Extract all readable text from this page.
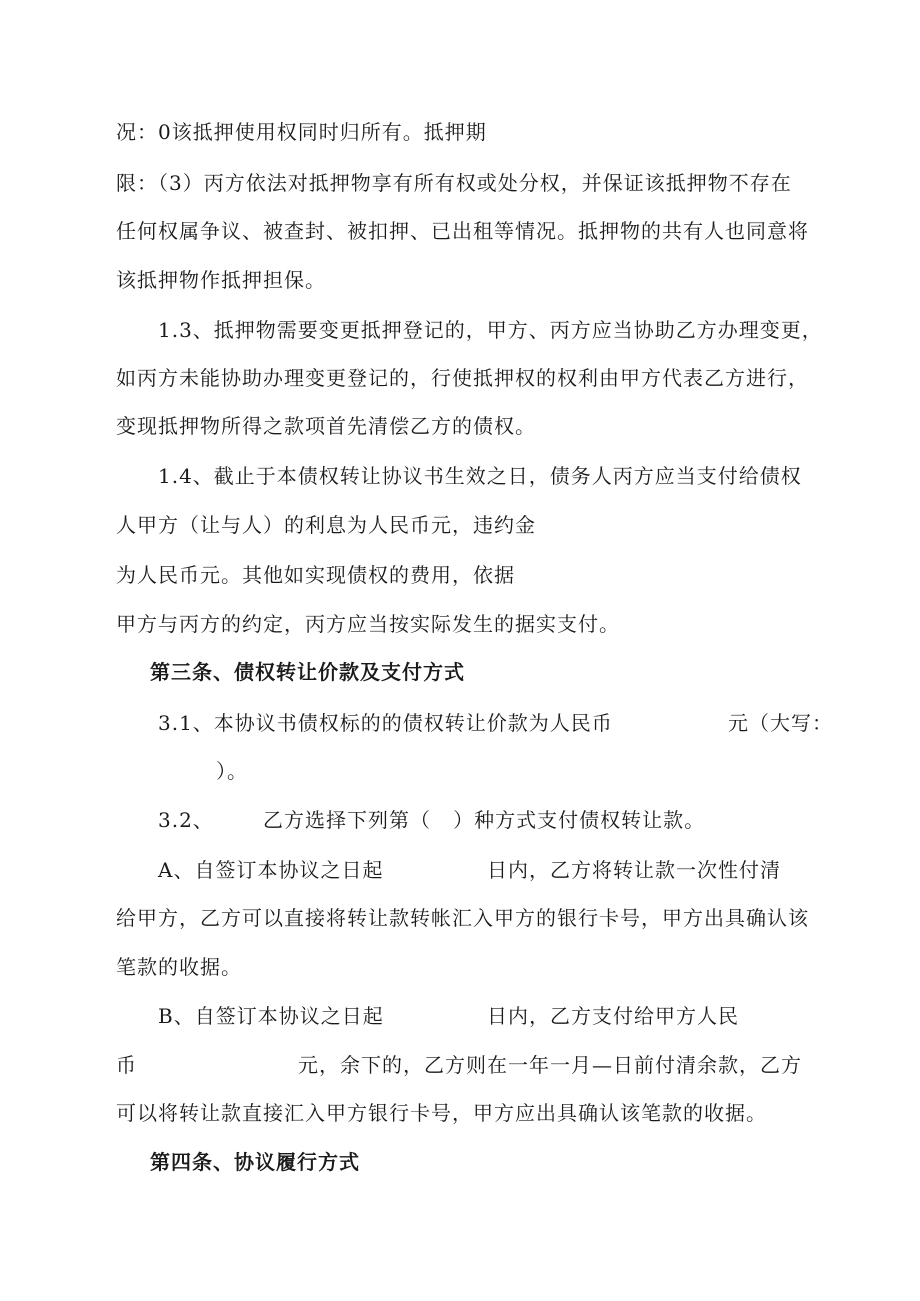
况：0该抵押使用权同时归所有。抵押期
限：（3）丙方依法对抵押物享有所有权或处分权，并保证该抵押物不存在
任何权属争议、被查封、被扣押、已出租等情况。抵押物的共有人也同意将
该抵押物作抵押担保。
1.3、抵押物需要变更抵押登记的，甲方、丙方应当协助乙方办理变更，
如丙方未能协助办理变更登记的，行使抵押权的权利由甲方代表乙方进行，
变现抵押物所得之款项首先清偿乙方的债权。
1.4、截止于本债权转让协议书生效之日，债务人丙方应当支付给债权
人甲方（让与人）的利息为人民币元，违约金
为人民币元。其他如实现债权的费用，依据
甲方与丙方的约定，丙方应当按实际发生的据实支付。
第三条、债权转让价款及支付方式
3.1、本协议书债权标的的债权转让价款为人民币	元（大写：
）。
3.2、 乙方选择下列第（   ）种方式支付债权转让款。
A、自签订本协议之日起	日内，乙方将转让款一次性付清
给甲方，乙方可以直接将转让款转帐汇入甲方的银行卡号，甲方出具确认该
笔款的收据。
B、自签订本协议之日起	日内，乙方支付给甲方人民
币	元，余下的，乙方则在一年一月—日前付清余款，乙方
可以将转让款直接汇入甲方银行卡号，甲方应出具确认该笔款的收据。
第四条、协议履行方式
